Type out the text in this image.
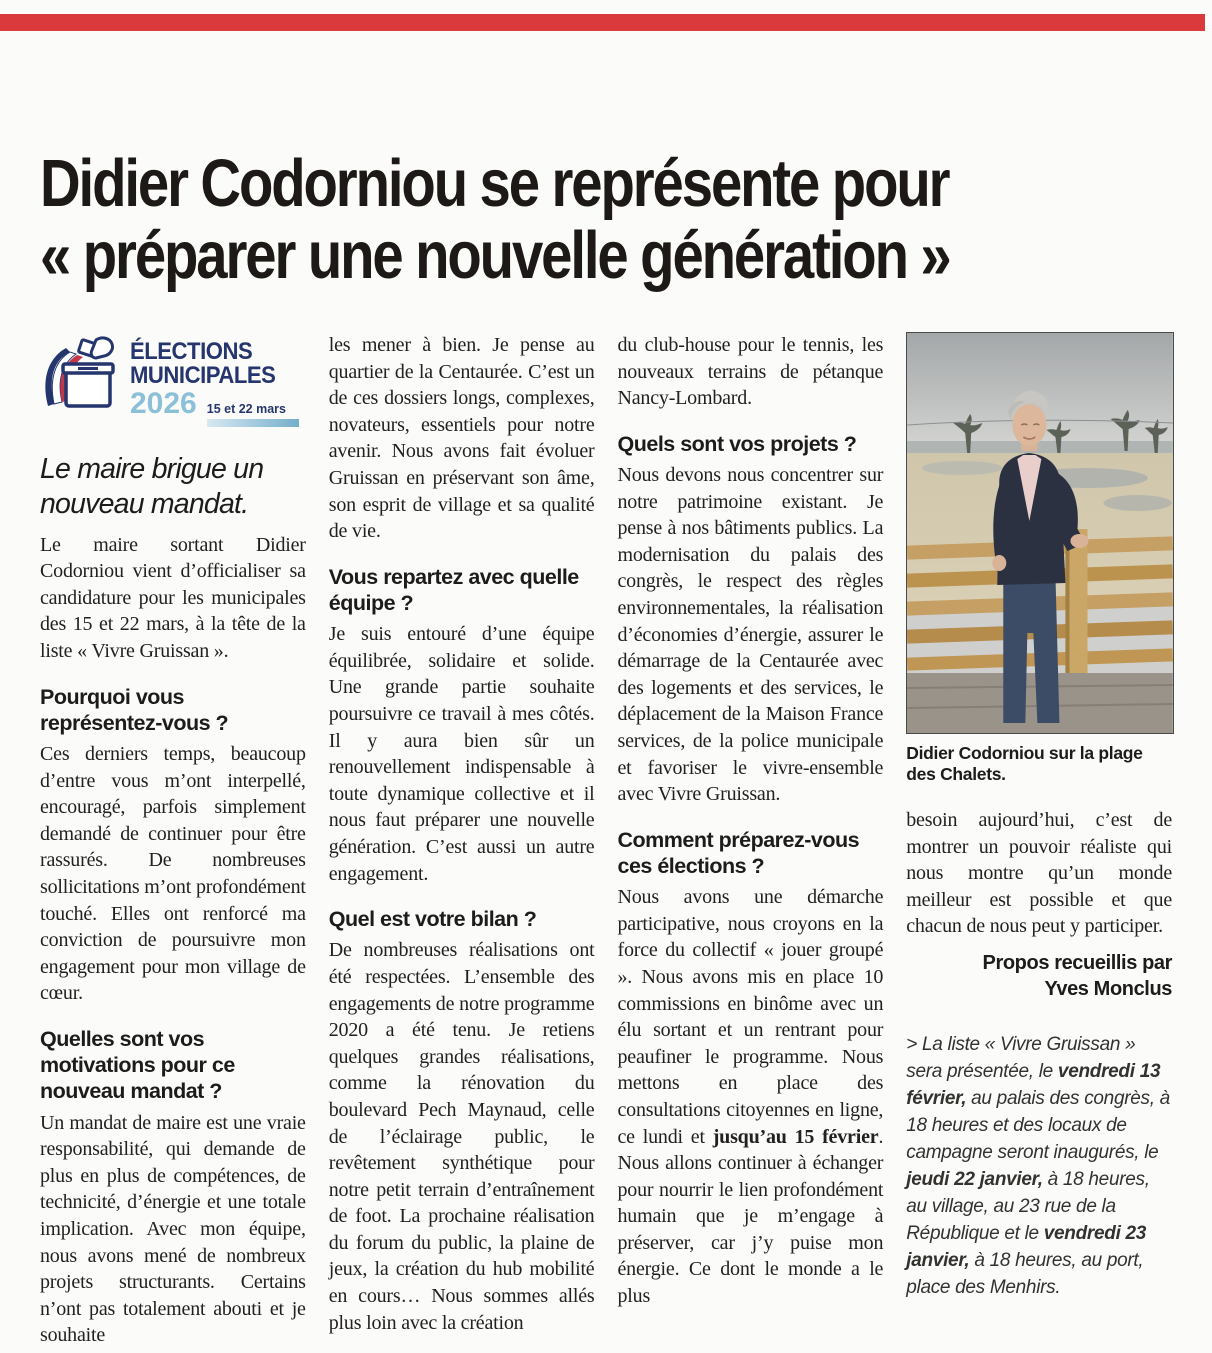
Didier Codorniou se représente pour
« préparer une nouvelle génération »
ÉLECTIONS
MUNICIPALES
2026 15 et 22 mars
Le maire brigue un nouveau mandat.

Le maire sortant Didier Codorniou vient d’officialiser sa candidature pour les municipales des 15 et 22 mars, à la tête de la liste « Vivre Gruissan ».

Pourquoi vous représentez-vous ?

Ces derniers temps, beaucoup d’entre vous m’ont interpellé, encouragé, parfois simplement demandé de continuer pour être rassurés. De nombreuses sollicitations m’ont profondément touché. Elles ont renforcé ma conviction de poursuivre mon engagement pour mon village de cœur.

Quelles sont vos motivations pour ce nouveau mandat ?

Un mandat de maire est une vraie responsabilité, qui demande de plus en plus de compétences, de technicité, d’énergie et une totale implication. Avec mon équipe, nous avons mené de nombreux projets structurants. Certains n’ont pas totalement abouti et je souhaite

les mener à bien. Je pense au quartier de la Centaurée. C’est un de ces dossiers longs, complexes, novateurs, essentiels pour notre avenir. Nous avons fait évoluer Gruissan en préservant son âme, son esprit de village et sa qualité de vie.

Vous repartez avec quelle équipe ?

Je suis entouré d’une équipe équilibrée, solidaire et solide. Une grande partie souhaite poursuivre ce travail à mes côtés. Il y aura bien sûr un renouvellement indispensable à toute dynamique collective et il nous faut préparer une nouvelle génération. C’est aussi un autre engagement.

Quel est votre bilan ?

De nombreuses réalisations ont été respectées. L’ensemble des engagements de notre programme 2020 a été tenu. Je retiens quelques grandes réalisations, comme la rénovation du boulevard Pech Maynaud, celle de l’éclairage public, le revêtement synthétique pour notre petit terrain d’entraînement de foot. La prochaine réalisation du forum du public, la plaine de jeux, la création du hub mobilité en cours… Nous sommes allés plus loin avec la création

du club-house pour le tennis, les nouveaux terrains de pétanque Nancy-Lombard.

Quels sont vos projets ?

Nous devons nous concentrer sur notre patrimoine existant. Je pense à nos bâtiments publics. La modernisation du palais des congrès, le respect des règles environnementales, la réalisation d’économies d’énergie, assurer le démarrage de la Centaurée avec des logements et des services, le déplacement de la Maison France services, de la police municipale et favoriser le vivre-ensemble avec Vivre Gruissan.

Comment préparez-vous ces élections ?

Nous avons une démarche participative, nous croyons en la force du collectif « jouer groupé ». Nous avons mis en place 10 commissions en binôme avec un élu sortant et un rentrant pour peaufiner le programme. Nous mettons en place des consultations citoyennes en ligne, ce lundi et jusqu’au 15 février. Nous allons continuer à échanger pour nourrir le lien profondément humain que je m’engage à préserver, car j’y puise mon énergie. Ce dont le monde a le plus

Didier Codorniou sur la plage des Chalets.

besoin aujourd’hui, c’est de montrer un pouvoir réaliste qui nous montre qu’un monde meilleur est possible et que chacun de nous peut y participer.

Propos recueillis par
Yves Monclus
> La liste « Vivre Gruissan » sera présentée, le vendredi 13 février, au palais des congrès, à 18 heures et des locaux de campagne seront inaugurés, le jeudi 22 janvier, à 18 heures, au village, au 23 rue de la République et le vendredi 23 janvier, à 18 heures, au port, place des Menhirs.
